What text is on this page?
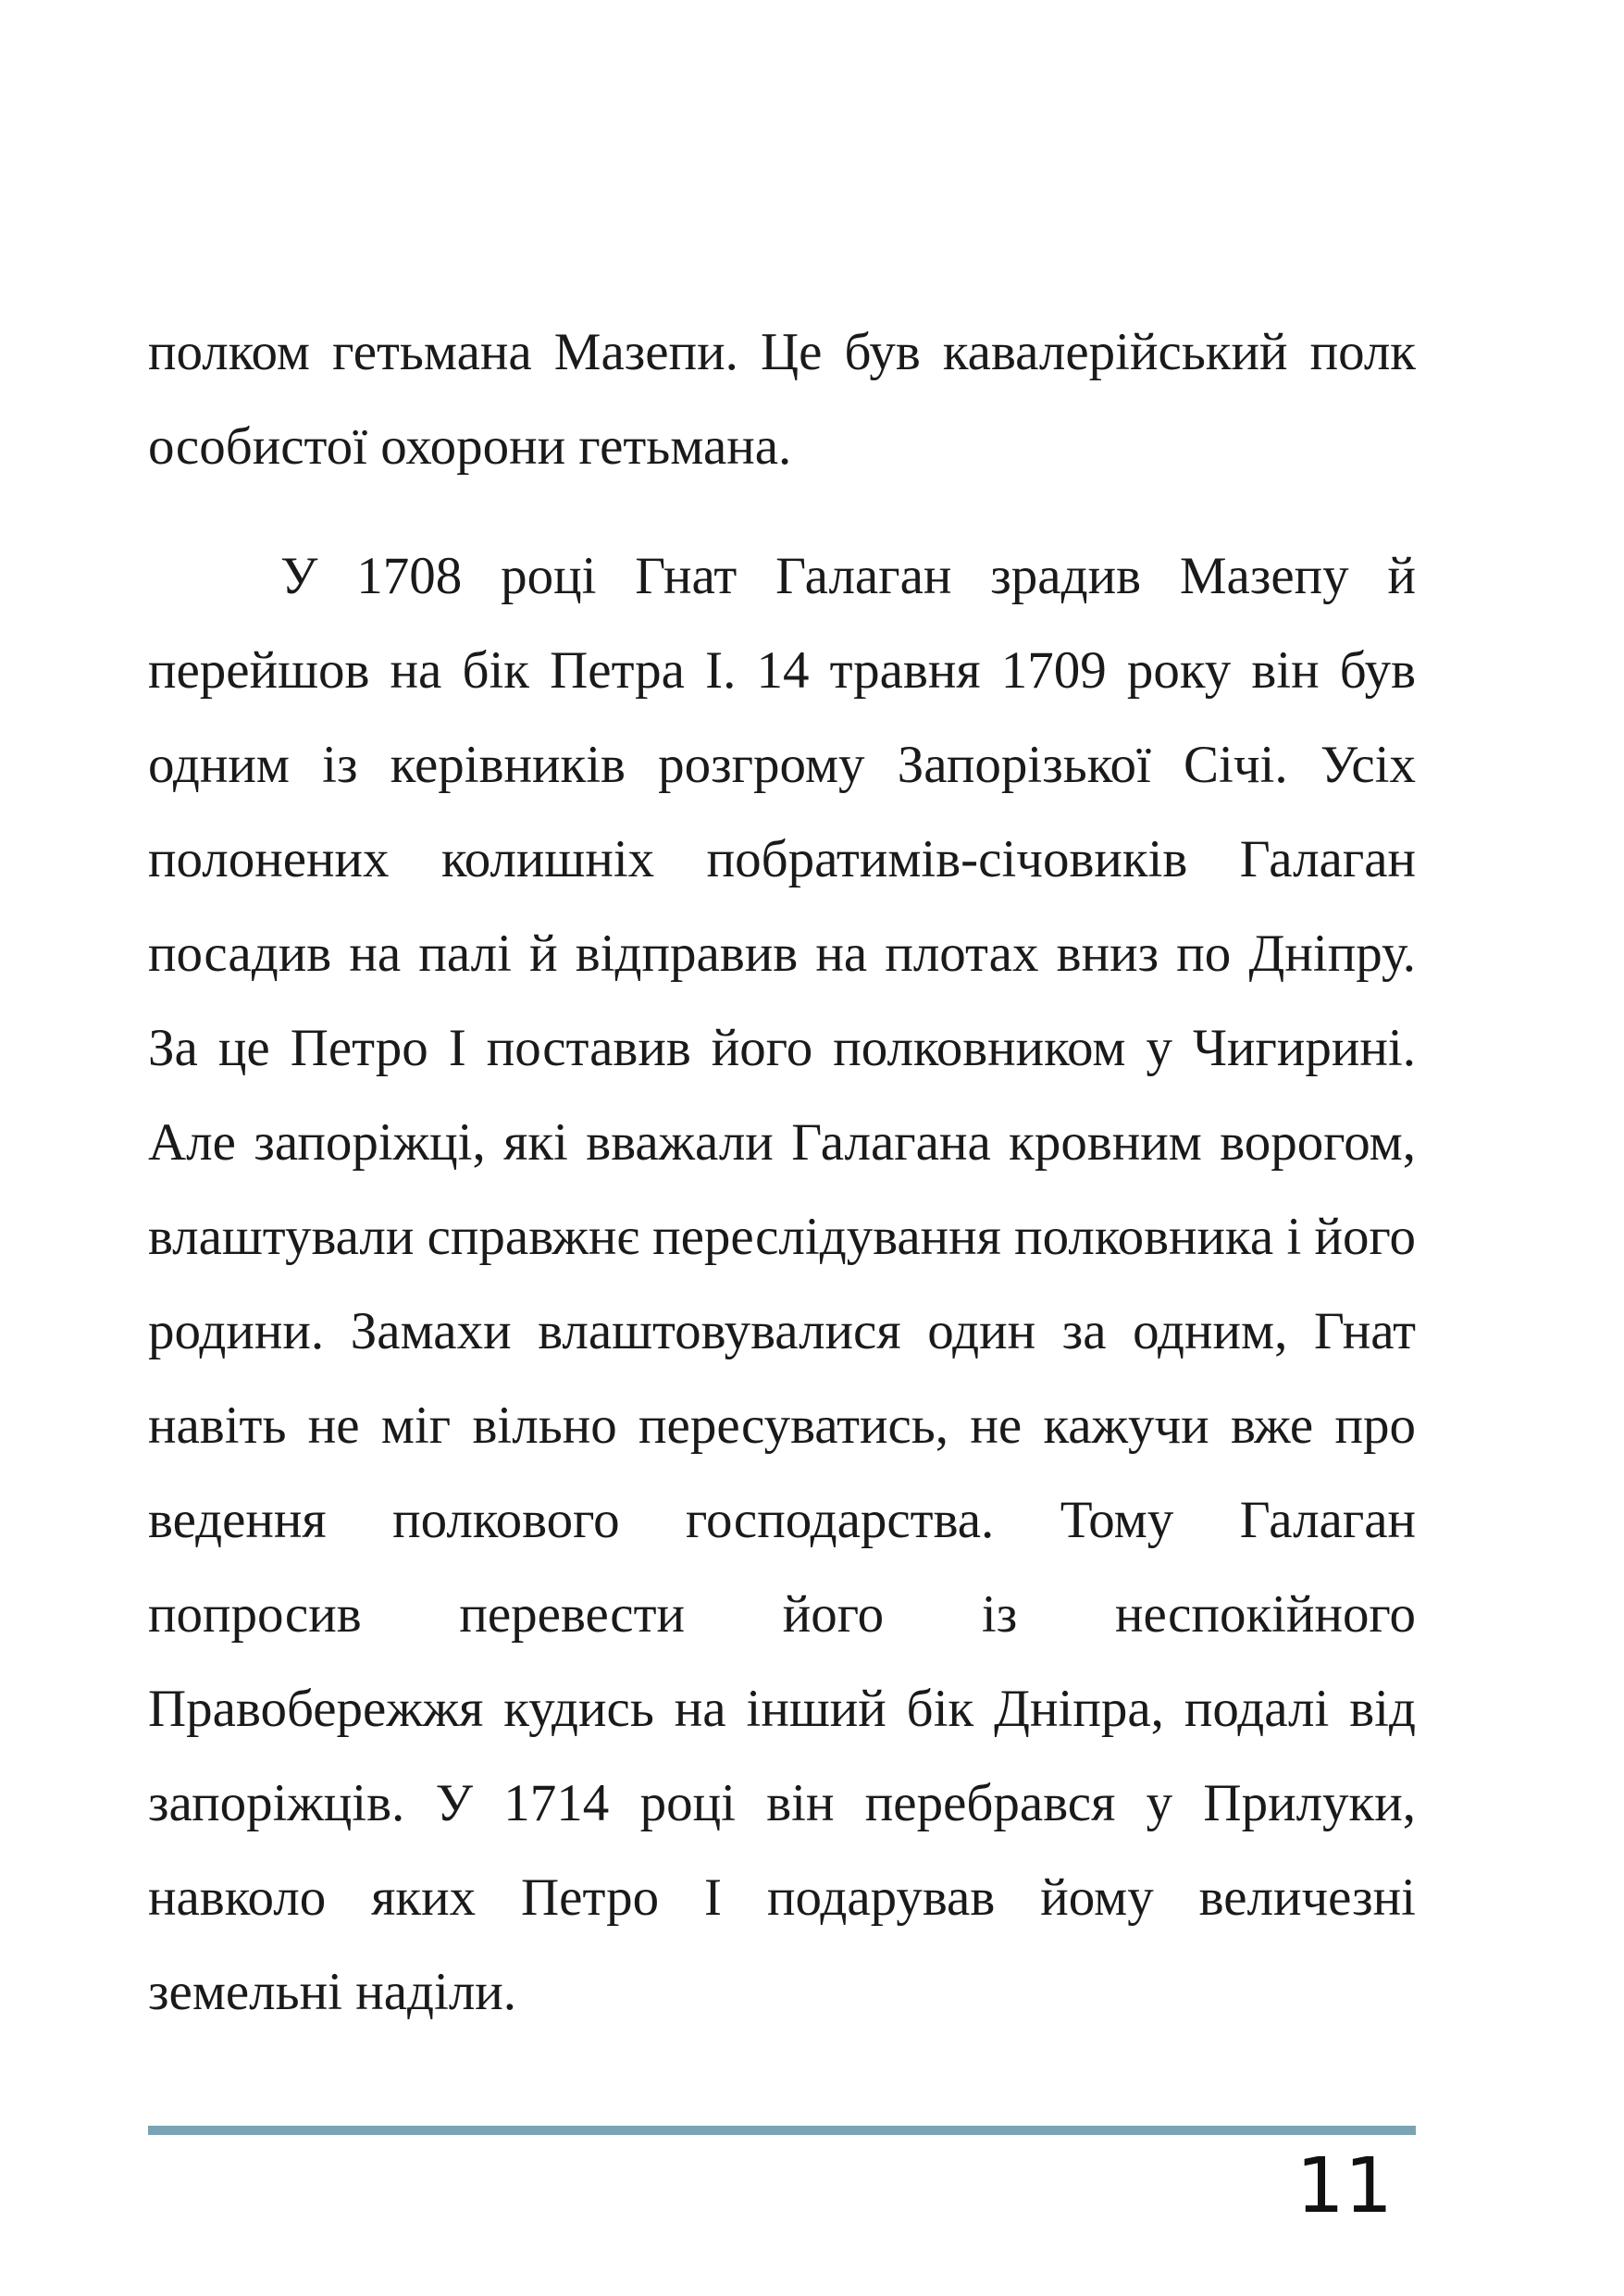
полком гетьмана Мазепи. Це був кавалерійський полк особистої охорони гетьмана.

У 1708 році Гнат Галаган зрадив Мазепу й перейшов на бік Петра І. 14 травня 1709 року він був одним із керівників розгрому Запорізької Січі. Усіх полонених колишніх побратимів-січовиків Галаган посадив на палі й відправив на плотах вниз по Дніпру. За це Петро І поставив його полковником у Чигирині. Але запоріжці, які вважали Галагана кровним ворогом, влаштували справжнє переслідування полковника і його родини. Замахи влаштовувалися один за одним, Гнат навіть не міг вільно пересуватись, не кажучи вже про ведення полкового господарства. Тому Галаган попросив перевести його із неспокійного Правобережжя кудись на інший бік Дніпра, подалі від запоріжців. У 1714 році він перебрався у Прилуки, навколо яких Петро І подарував йому величезні земельні наділи.

11
